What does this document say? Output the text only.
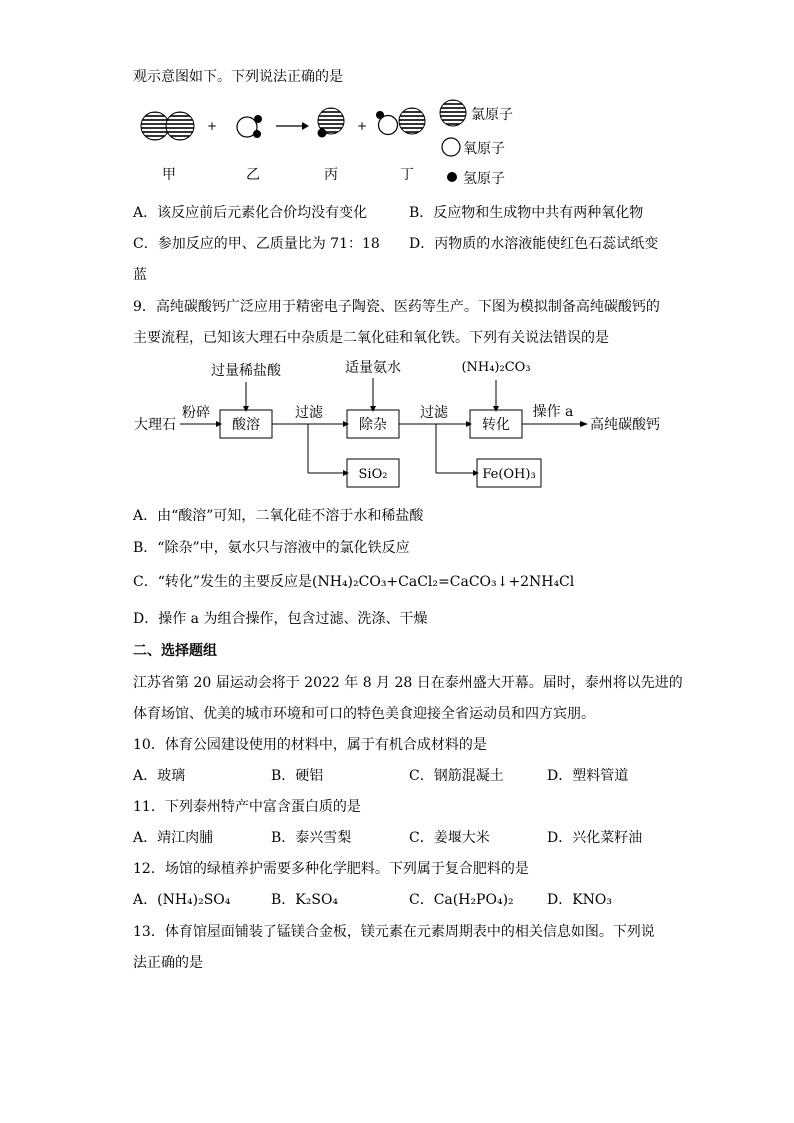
观示意图如下。下列说法正确的是
+	+
氯原子
氧原子
氢原子
甲	乙	丙	丁
A．该反应前后元素化合价均没有变化	B．反应物和生成物中共有两种氧化物
C．参加反应的甲、乙质量比为 71：18 D．丙物质的水溶液能使红色石蕊试纸变
蓝
9．高纯碳酸钙广泛应用于精密电子陶瓷、医药等生产。下图为模拟制备高纯碳酸钙的
主要流程，已知该大理石中杂质是二氧化硅和氧化铁。下列有关说法错误的是
大理石
粉碎
酸溶
过量稀盐酸
过滤
除杂
适量氨水
过滤
转化
(NH₄)₂CO₃
操作 a
高纯碳酸钙
SiO₂	Fe(OH)₃
A．由“酸溶”可知，二氧化硅不溶于水和稀盐酸
B．“除杂”中，氨水只与溶液中的氯化铁反应
C．“转化”发生的主要反应是(NH₄)₂CO₃+CaCl₂=CaCO₃↓+2NH₄Cl
D．操作 a 为组合操作，包含过滤、洗涤、干燥
二、选择题组
江苏省第 20 届运动会将于 2022 年 8 月 28 日在泰州盛大开幕。届时，泰州将以先进的
体育场馆、优美的城市环境和可口的特色美食迎接全省运动员和四方宾朋。
10．体育公园建设使用的材料中，属于有机合成材料的是
A．玻璃	B．硬铝	C．钢筋混凝土	D．塑料管道
11．下列泰州特产中富含蛋白质的是
A．靖江肉脯	B．泰兴雪梨	C．姜堰大米	D．兴化菜籽油
12．场馆的绿植养护需要多种化学肥料。下列属于复合肥料的是
A．(NH₄)₂SO₄	B．K₂SO₄	C．Ca(H₂PO₄)₂ D．KNO₃
13．体育馆屋面铺装了锰镁合金板，镁元素在元素周期表中的相关信息如图。下列说
法正确的是
